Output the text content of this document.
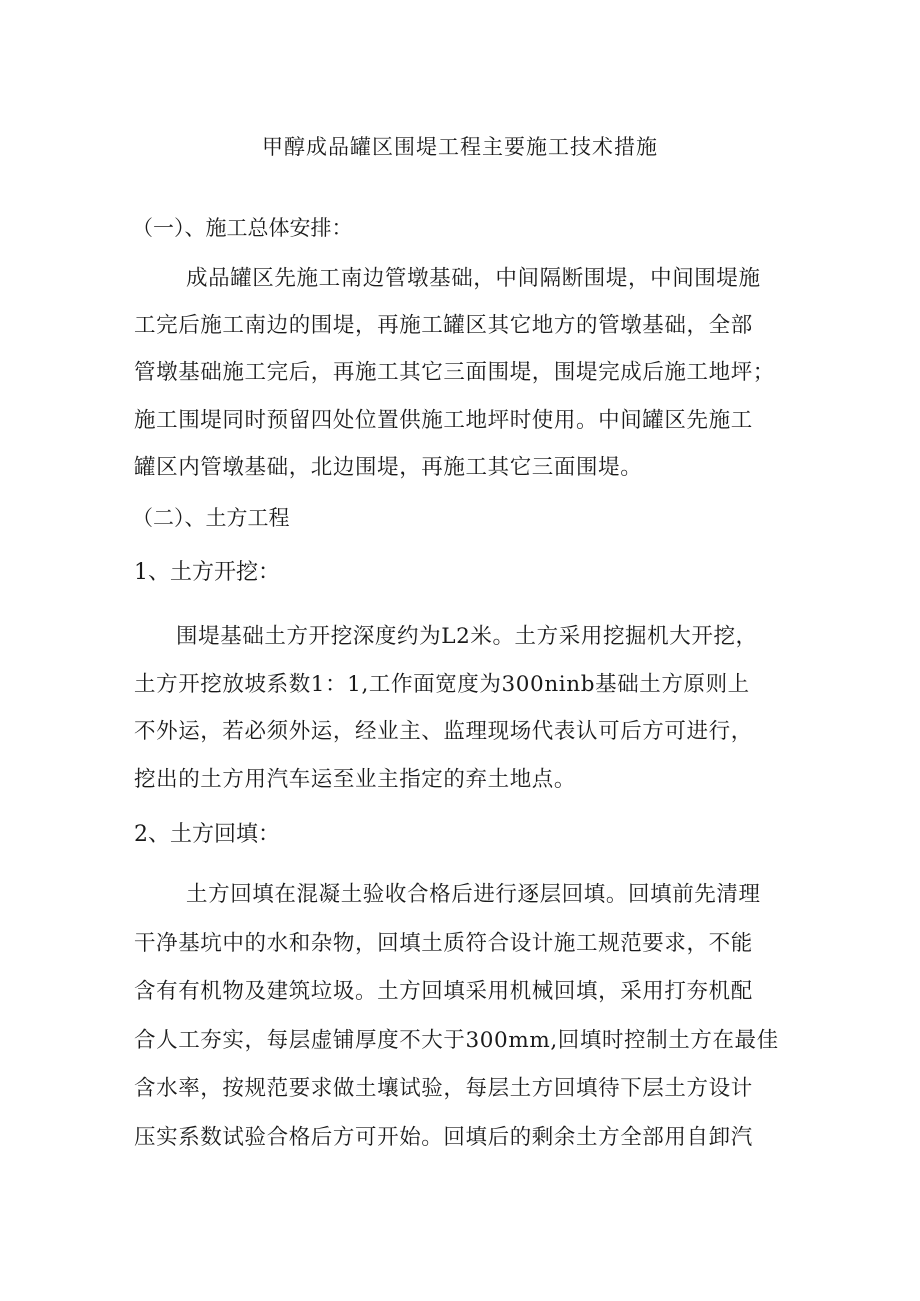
甲醇成品罐区围堤工程主要施工技术措施
（一）、施工总体安排：
成品罐区先施工南边管墩基础，中间隔断围堤，中间围堤施
工完后施工南边的围堤，再施工罐区其它地方的管墩基础，全部
管墩基础施工完后，再施工其它三面围堤，围堤完成后施工地坪；
施工围堤同时预留四处位置供施工地坪时使用。中间罐区先施工
罐区内管墩基础，北边围堤，再施工其它三面围堤。
（二）、土方工程
1、土方开挖：
围堤基础土方开挖深度约为L2米。土方采用挖掘机大开挖，
土方开挖放坡系数1：1,工作面宽度为300ninb基础土方原则上
不外运，若必须外运，经业主、监理现场代表认可后方可进行，
挖出的土方用汽车运至业主指定的弃土地点。
2、土方回填：
土方回填在混凝土验收合格后进行逐层回填。回填前先清理
干净基坑中的水和杂物，回填土质符合设计施工规范要求，不能
含有有机物及建筑垃圾。土方回填采用机械回填，采用打夯机配
合人工夯实，每层虚铺厚度不大于300mm,回填时控制土方在最佳
含水率，按规范要求做土壤试验，每层土方回填待下层土方设计
压实系数试验合格后方可开始。回填后的剩余土方全部用自卸汽
